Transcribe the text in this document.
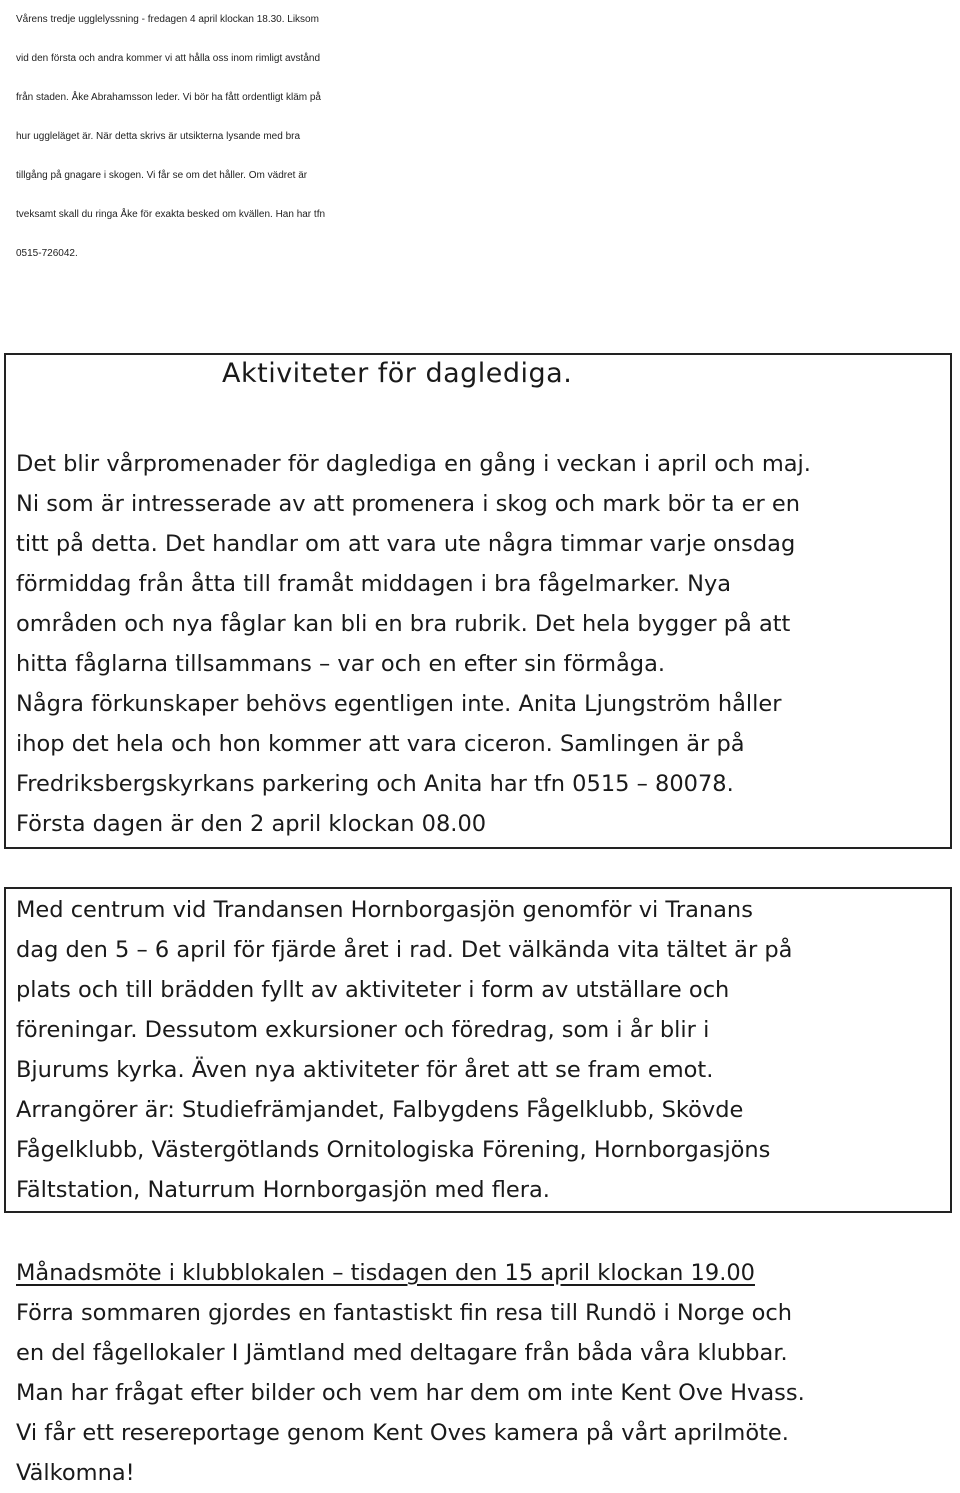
Vårens tredje ugglelyssning - fredagen 4 april klockan 18.30. Liksom
vid den första och andra kommer vi att hålla oss inom rimligt avstånd
från staden. Åke Abrahamsson leder. Vi bör ha fått ordentligt kläm på
hur uggleläget är. När detta skrivs är utsikterna lysande med bra
tillgång på gnagare i skogen. Vi får se om det håller. Om vädret är
tveksamt skall du ringa Åke för exakta besked om kvällen. Han har tfn
0515-726042.
Aktiviteter för daglediga.
Det blir vårpromenader för daglediga en gång i veckan i april och maj.
Ni som är intresserade av att promenera i skog och mark bör ta er en
titt på detta. Det handlar om att vara ute några timmar varje onsdag
förmiddag från åtta till framåt middagen i bra fågelmarker. Nya
områden och nya fåglar kan bli en bra rubrik. Det hela bygger på att
hitta fåglarna tillsammans – var och en efter sin förmåga.
Några förkunskaper behövs egentligen inte. Anita Ljungström håller
ihop det hela och hon kommer att vara ciceron. Samlingen är på
Fredriksbergskyrkans parkering och Anita har tfn 0515 – 80078.
Första dagen är den 2 april klockan 08.00
Med centrum vid Trandansen Hornborgasjön genomför vi Tranans
dag den 5 – 6 april för fjärde året i rad. Det välkända vita tältet är på
plats och till brädden fyllt av aktiviteter i form av utställare och
föreningar. Dessutom exkursioner och föredrag, som i år blir i
Bjurums kyrka. Även nya aktiviteter för året att se fram emot.
Arrangörer är: Studiefrämjandet, Falbygdens Fågelklubb, Skövde
Fågelklubb, Västergötlands Ornitologiska Förening, Hornborgasjöns
Fältstation, Naturrum Hornborgasjön med flera.
Månadsmöte i klubblokalen – tisdagen den 15 april klockan 19.00
Förra sommaren gjordes en fantastiskt fin resa till Rundö i Norge och
en del fågellokaler I Jämtland med deltagare från båda våra klubbar.
Man har frågat efter bilder och vem har dem om inte Kent Ove Hvass.
Vi får ett resereportage genom Kent Oves kamera på vårt aprilmöte.
Välkomna!
